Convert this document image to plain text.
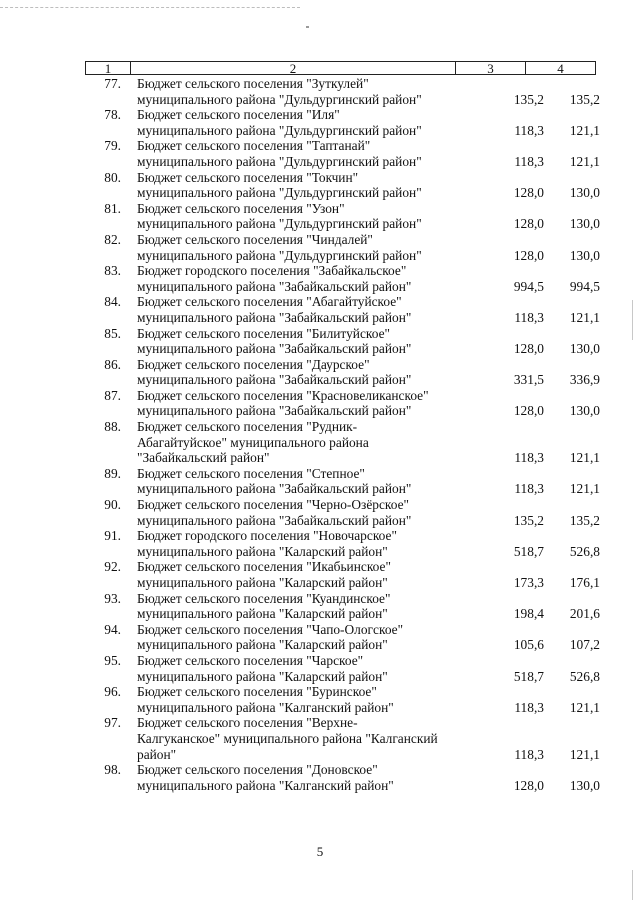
1	2	3	4
77. Бюджет сельского поселения "Зуткулей"
муниципального района "Дульдургинский район"	135,2	135,2
78. Бюджет сельского поселения "Иля"
муниципального района "Дульдургинский район"	118,3	121,1
79. Бюджет сельского поселения "Таптанай"
муниципального района "Дульдургинский район"	118,3	121,1
80. Бюджет сельского поселения "Токчин"
муниципального района "Дульдургинский район"	128,0	130,0
81. Бюджет сельского поселения "Узон"
муниципального района "Дульдургинский район"	128,0	130,0
82. Бюджет сельского поселения "Чиндалей"
муниципального района "Дульдургинский район"	128,0	130,0
83. Бюджет городского поселения "Забайкальское"
муниципального района "Забайкальский район"	994,5	994,5
84. Бюджет сельского поселения "Абагайтуйское"
муниципального района "Забайкальский район"	118,3	121,1
85. Бюджет сельского поселения "Билитуйское"
муниципального района "Забайкальский район"	128,0	130,0
86. Бюджет сельского поселения "Даурское"
муниципального района "Забайкальский район"	331,5	336,9
87. Бюджет сельского поселения "Красновеликанское"
муниципального района "Забайкальский район"	128,0	130,0
88. Бюджет сельского поселения "Рудник-
Абагайтуйское" муниципального района
"Забайкальский район"	118,3	121,1
89. Бюджет сельского поселения "Степное"
муниципального района "Забайкальский район"	118,3	121,1
90. Бюджет сельского поселения "Черно-Озёрское"
муниципального района "Забайкальский район"	135,2	135,2
91. Бюджет городского поселения "Новочарское"
муниципального района "Каларский район"	518,7	526,8
92. Бюджет сельского поселения "Икабьинское"
муниципального района "Каларский район"	173,3	176,1
93. Бюджет сельского поселения "Куандинское"
муниципального района "Каларский район"	198,4	201,6
94. Бюджет сельского поселения "Чапо-Ологское"
муниципального района "Каларский район"	105,6	107,2
95. Бюджет сельского поселения "Чарское"
муниципального района "Каларский район"	518,7	526,8
96. Бюджет сельского поселения "Буринское"
муниципального района "Калганский район"	118,3	121,1
97. Бюджет сельского поселения "Верхне-
Калгуканское" муниципального района "Калганский
район"	118,3	121,1
98. Бюджет сельского поселения "Доновское"
муниципального района "Калганский район"	128,0	130,0
5
